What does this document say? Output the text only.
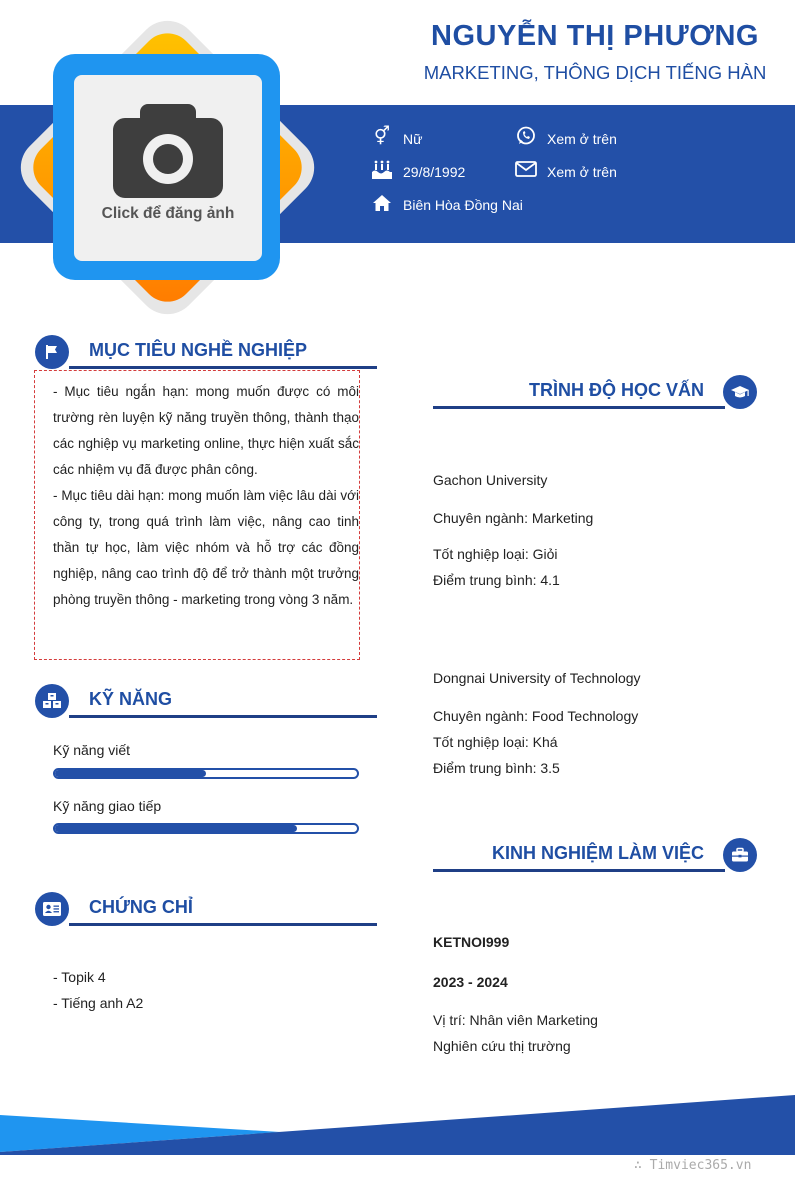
NGUYỄN THỊ PHƯƠNG
MARKETING, THÔNG DỊCH TIẾNG HÀN
⚥ Nữ
29/8/1992
Biên Hòa Đồng Nai
Xem ở trên
Xem ở trên
Click để đăng ảnh
MỤC TIÊU NGHỀ NGHIỆP

- Mục tiêu ngắn hạn: mong muốn được có môi trường rèn luyện kỹ năng truyền thông, thành thạo các nghiệp vụ marketing online, thực hiện xuất sắc các nhiệm vụ đã được phân công.

- Mục tiêu dài hạn: mong muốn làm việc lâu dài với công ty, trong quá trình làm việc, nâng cao tinh thần tự học, làm việc nhóm và hỗ trợ các đồng nghiệp, nâng cao trình độ để trở thành một trưởng phòng truyền thông - marketing trong vòng 3 năm.

KỸ NĂNG
Kỹ năng viết
Kỹ năng giao tiếp
CHỨNG CHỈ
- Topik 4
- Tiếng anh A2
TRÌNH ĐỘ HỌC VẤN
Gachon University
Chuyên ngành: Marketing
Tốt nghiệp loại: Giỏi
Điểm trung bình: 4.1
Dongnai University of Technology
Chuyên ngành: Food Technology
Tốt nghiệp loại: Khá
Điểm trung bình: 3.5
KINH NGHIỆM LÀM VIỆC
KETNOI999
2023 - 2024
Vị trí: Nhân viên Marketing
Nghiên cứu thị trường
∴ Timviec365.vn
